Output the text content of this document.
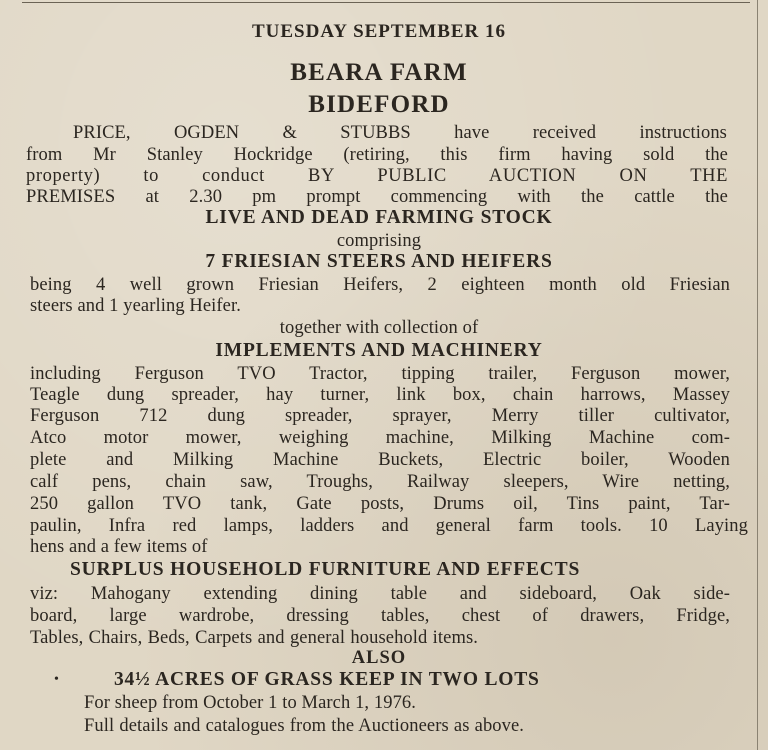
TUESDAY SEPTEMBER 16
BEARA FARM
BIDEFORD
PRICE, OGDEN & STUBBS have received instructions
from Mr Stanley Hockridge (retiring, this firm having sold the
property) to conduct BY PUBLIC AUCTION ON THE
PREMISES at 2.30 pm prompt commencing with the cattle the
LIVE AND DEAD FARMING STOCK
comprising
7 FRIESIAN STEERS AND HEIFERS
being 4 well grown Friesian Heifers, 2 eighteen month old Friesian
steers and 1 yearling Heifer.
together with collection of
IMPLEMENTS AND MACHINERY
including Ferguson TVO Tractor, tipping trailer, Ferguson mower,
Teagle dung spreader, hay turner, link box, chain harrows, Massey
Ferguson 712 dung spreader, sprayer, Merry tiller cultivator,
Atco motor mower, weighing machine, Milking Machine com-
plete and Milking Machine Buckets, Electric boiler, Wooden
calf pens, chain saw, Troughs, Railway sleepers, Wire netting,
250 gallon TVO tank, Gate posts, Drums oil, Tins paint, Tar-
paulin, Infra red lamps, ladders and general farm tools. 10 Laying
hens and a few items of
SURPLUS HOUSEHOLD FURNITURE AND EFFECTS
viz: Mahogany extending dining table and sideboard, Oak side-
board, large wardrobe, dressing tables, chest of drawers, Fridge,
Tables, Chairs, Beds, Carpets and general household items.
ALSO
•	34½ ACRES OF GRASS KEEP IN TWO LOTS
For sheep from October 1 to March 1, 1976.
Full details and catalogues from the Auctioneers as above.
